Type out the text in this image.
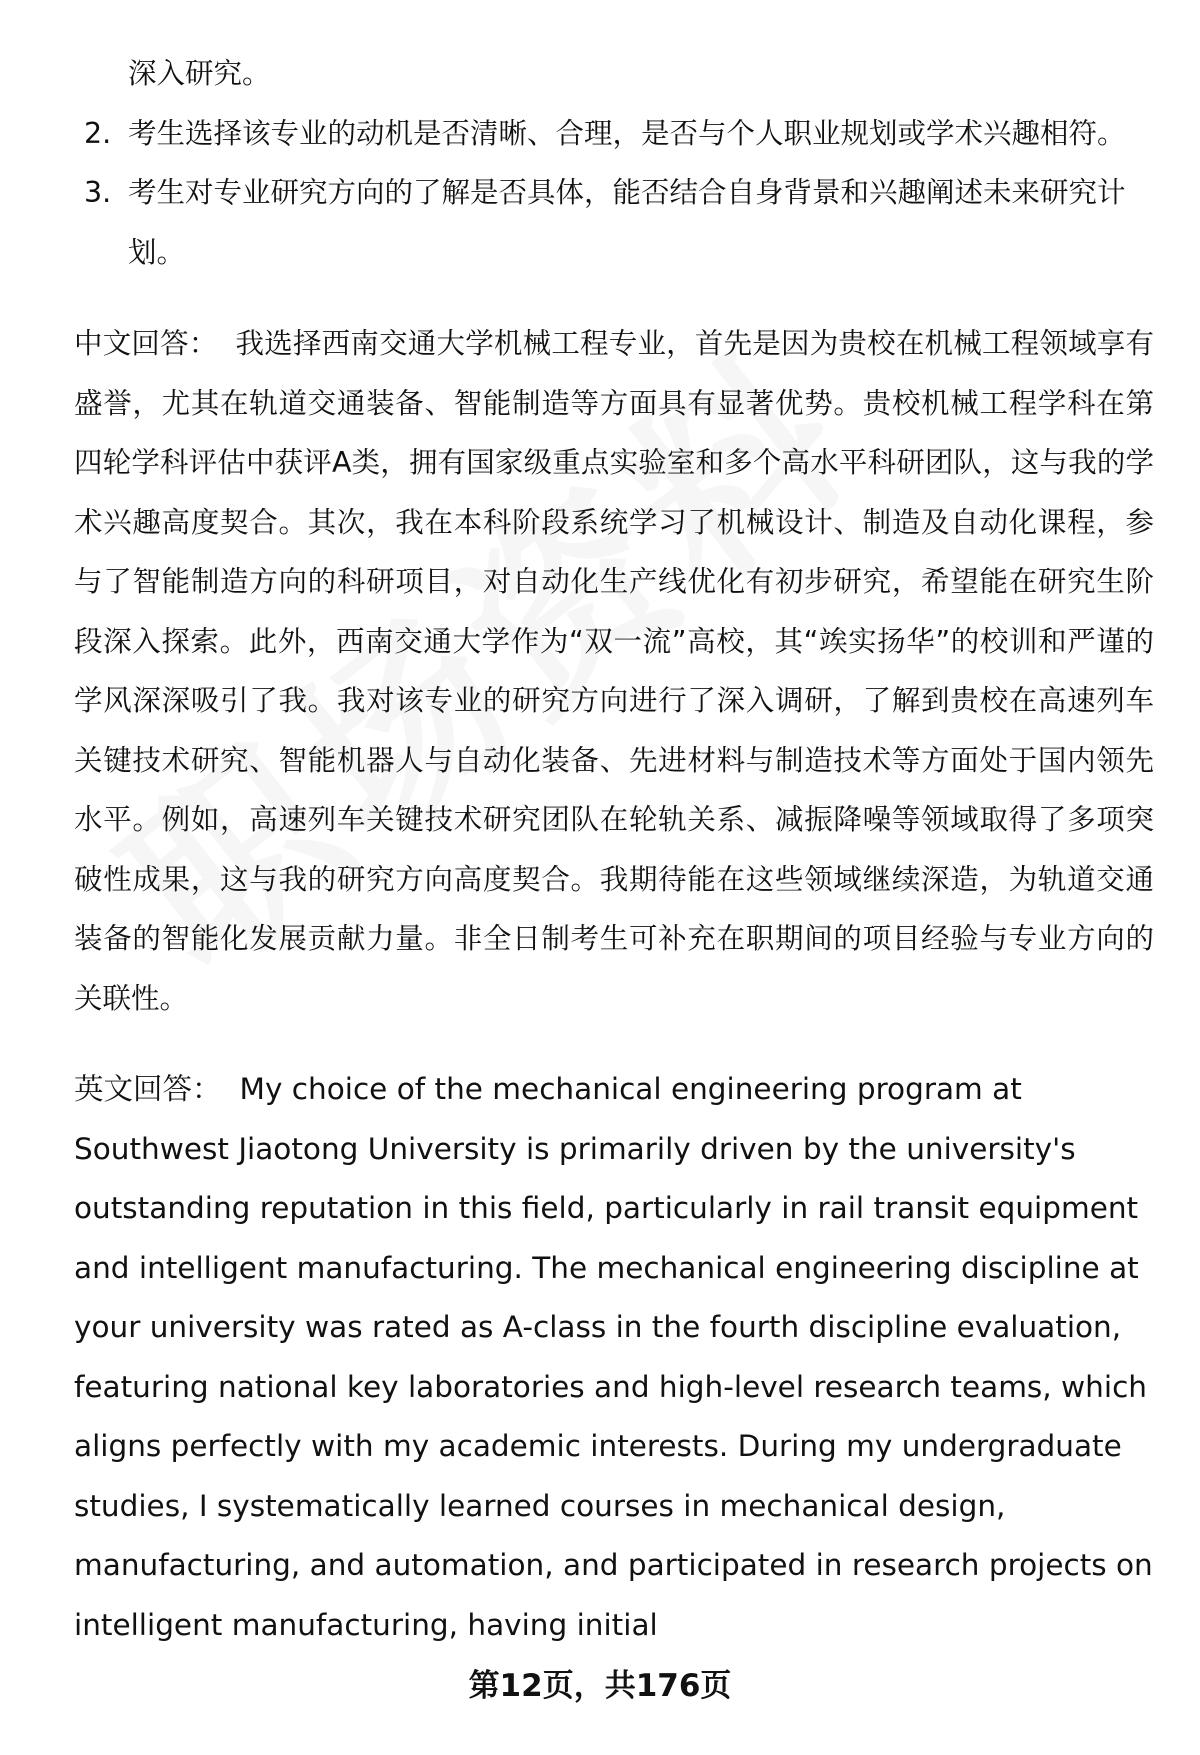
深入研究。

2. 考生选择该专业的动机是否清晰、合理，是否与个人职业规划或学术兴趣相符。
3. 考生对专业研究方向的了解是否具体，能否结合自身背景和兴趣阐述未来研究计划。

中文回答： 我选择西南交通大学机械工程专业，首先是因为贵校在机械工程领域享有盛誉，尤其在轨道交通装备、智能制造等方面具有显著优势。贵校机械工程学科在第四轮学科评估中获评A类，拥有国家级重点实验室和多个高水平科研团队，这与我的学术兴趣高度契合。其次，我在本科阶段系统学习了机械设计、制造及自动化课程，参与了智能制造方向的科研项目，对自动化生产线优化有初步研究，希望能在研究生阶段深入探索。此外，西南交通大学作为“双一流”高校，其“竢实扬华”的校训和严谨的学风深深吸引了我。我对该专业的研究方向进行了深入调研，了解到贵校在高速列车关键技术研究、智能机器人与自动化装备、先进材料与制造技术等方面处于国内领先水平。例如，高速列车关键技术研究团队在轮轨关系、减振降噪等领域取得了多项突破性成果，这与我的研究方向高度契合。我期待能在这些领域继续深造，为轨道交通装备的智能化发展贡献力量。非全日制考生可补充在职期间的项目经验与专业方向的关联性。

英文回答： My choice of the mechanical engineering program at Southwest Jiaotong University is primarily driven by the university's outstanding reputation in this field, particularly in rail transit equipment and intelligent manufacturing. The mechanical engineering discipline at your university was rated as A-class in the fourth discipline evaluation, featuring national key laboratories and high-level research teams, which aligns perfectly with my academic interests. During my undergraduate studies, I systematically learned courses in mechanical design, manufacturing, and automation, and participated in research projects on intelligent manufacturing, having initial

第12页，共176页
